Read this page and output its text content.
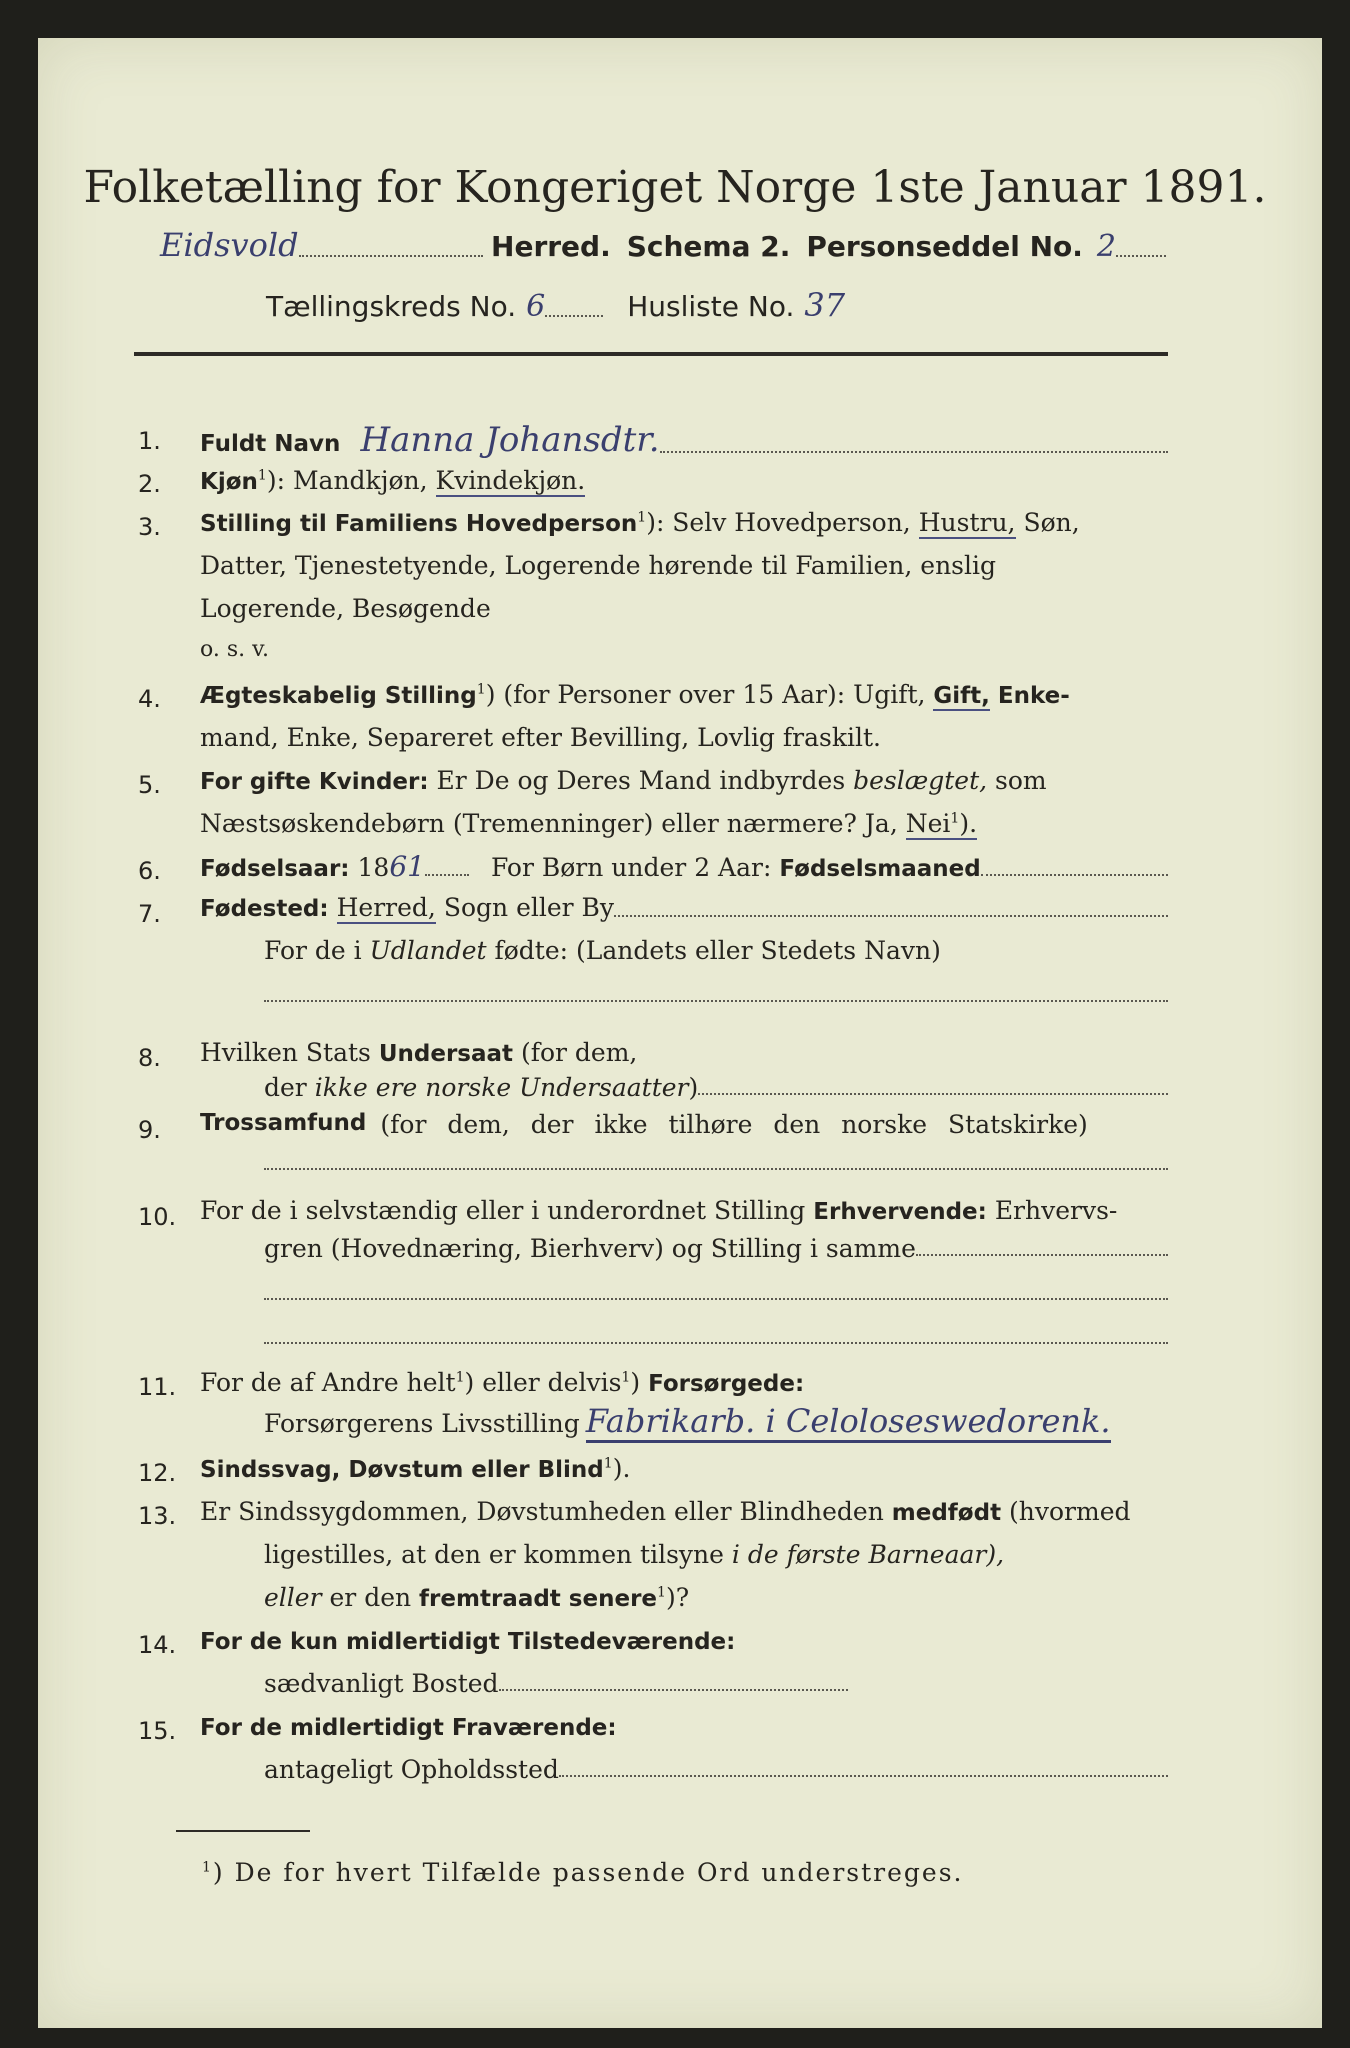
Folketælling for Kongeriget Norge 1ste Januar 1891.
Eidsvold	Herred. Schema 2. Personseddel No. 2
Tællingskreds No. 6	Husliste No. 37
1. Fuldt Navn Hanna Johansdtr.
2. Kjøn$^1$): Mandkjøn, Kvindekjøn.
3. Stilling til Familiens Hovedperson$^1$): Selv Hovedperson, Hustru, Søn,
Datter, Tjenestetyende, Logerende hørende til Familien, enslig
Logerende, Besøgende
o. s. v.
4. Ægteskabelig Stilling$^1$) (for Personer over 15 Aar): Ugift, Gift, Enke-
mand, Enke, Separeret efter Bevilling, Lovlig fraskilt.
5. For gifte Kvinder: Er De og Deres Mand indbyrdes beslægtet, som
Næstsøskendebørn (Tremenninger) eller nærmere? Ja, Nei$^1$).
6. Fødselsaar: 18 61	For Børn under 2 Aar: Fødselsmaaned
7. Fødested: Herred, Sogn eller By
For de i Udlandet fødte: (Landets eller Stedets Navn)
8. Hvilken Stats Undersaat (for dem,
der ikke ere norske Undersaatter )
9. Trossamfund (for dem, der ikke tilhøre den norske Statskirke)
10. For de i selvstændig eller i underordnet Stilling Erhvervende: Erhvervs-
gren (Hovednæring, Bierhverv) og Stilling i samme
11. For de af Andre helt$^1$) eller delvis$^1$) Forsørgede:
Forsørgerens Livsstilling Fabrikarb. i Celoloseswedorenk.
12. Sindssvag, Døvstum eller Blind$^1$).
13. Er Sindssygdommen, Døvstumheden eller Blindheden medfødt (hvormed
ligestilles, at den er kommen tilsyne i de første Barneaar),
eller er den fremtraadt senere$^1$)?
14. For de kun midlertidigt Tilstedeværende:
sædvanligt Bosted
15. For de midlertidigt Fraværende:
antageligt Opholdssted
$^1$) De for hvert Tilfælde passende Ord understreges.
